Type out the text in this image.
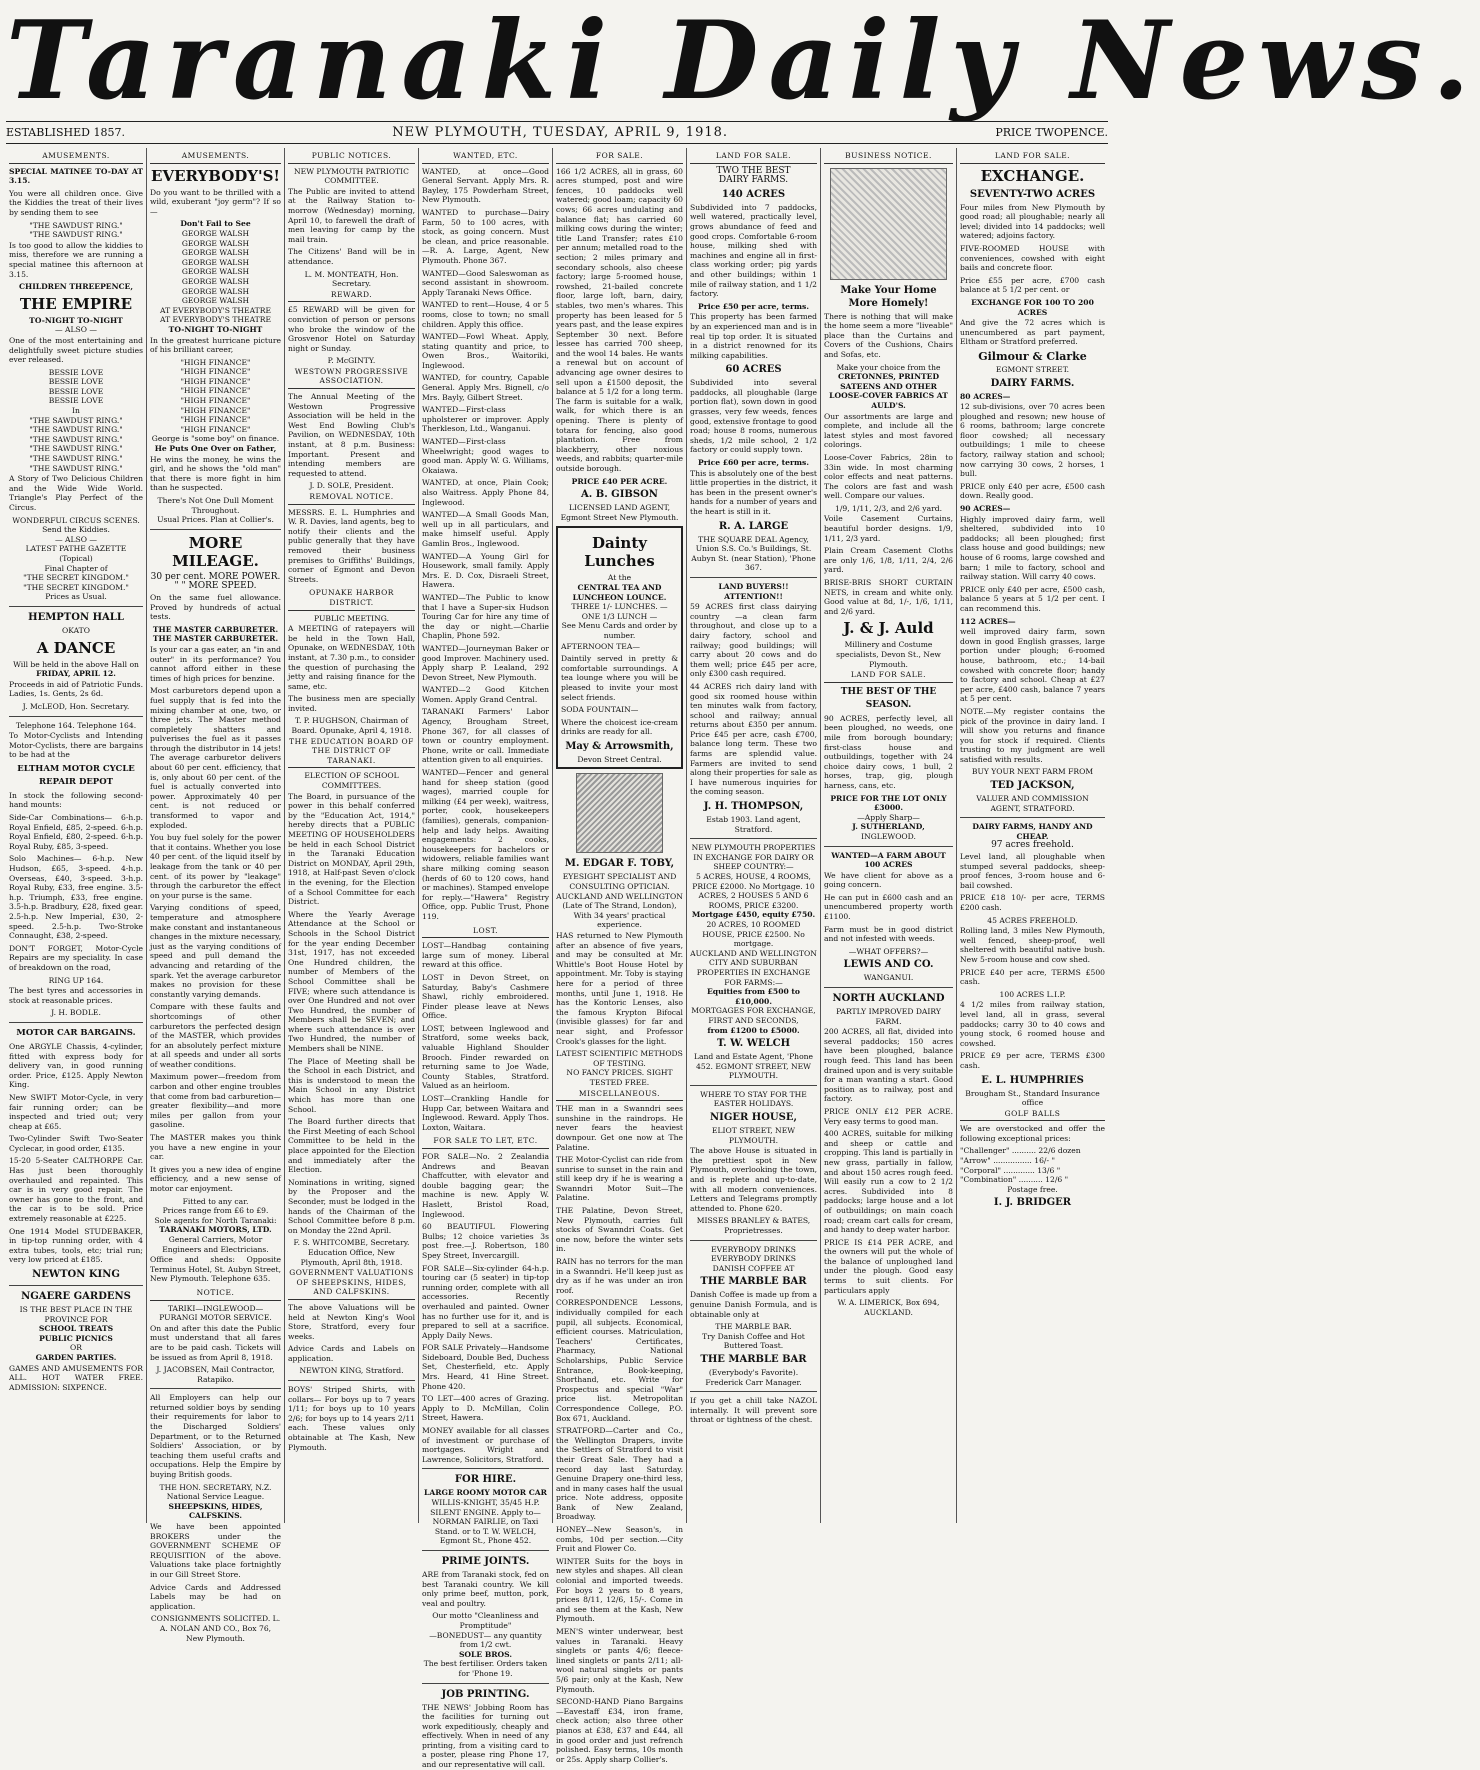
Taranaki Daily News.
ESTABLISHED 1857.	NEW PLYMOUTH, TUESDAY, APRIL 9, 1918.	PRICE TWOPENCE.
AMUSEMENTS.

SPECIAL MATINEE TO-DAY AT 3.15.

You were all children once. Give the Kiddies the treat of their lives by sending them to see

"THE SAWDUST RING."

"THE SAWDUST RING."

Is too good to allow the kiddies to miss, therefore we are running a special matinee this afternoon at 3.15.

CHILDREN THREEPENCE,

THE EMPIRE

TO-NIGHT TO-NIGHT

— ALSO —

One of the most entertaining and delightfully sweet picture studies ever released.

BESSIE LOVE

BESSIE LOVE

BESSIE LOVE

BESSIE LOVE

In

"THE SAWDUST RING."

"THE SAWDUST RING."

"THE SAWDUST RING."

"THE SAWDUST RING."

"THE SAWDUST RING."

"THE SAWDUST RING."

A Story of Two Delicious Children and the Wide Wide World. Triangle's Play Perfect of the Circus.

WONDERFUL CIRCUS SCENES. Send the Kiddies.

— ALSO —

LATEST PATHE GAZETTE

(Topical)

Final Chapter of

"THE SECRET KINGDOM."

"THE SECRET KINGDOM."

Prices as Usual.

HEMPTON HALL

OKATO

A DANCE

Will be held in the above Hall on

FRIDAY, APRIL 12.

Proceeds in aid of Patriotic Funds. Ladies, 1s. Gents, 2s 6d.

J. McLEOD, Hon. Secretary.

Telephone 164. Telephone 164.

To Motor-Cyclists and Intending Motor-Cyclists, there are bargains to be had at the

ELTHAM MOTOR CYCLE REPAIR DEPOT

In stock the following second-hand mounts:

Side-Car Combinations— 6-h.p. Royal Enfield, £85, 2-speed. 6-h.p. Royal Enfield, £80, 2-speed. 6-h.p. Royal Ruby, £85, 3-speed.

Solo Machines— 6-h.p. New Hudson, £65, 3-speed. 4-h.p. Overseas, £40, 3-speed. 3-h.p. Royal Ruby, £33, free engine. 3.5-h.p. Triumph, £33, free engine. 3.5-h.p. Bradbury, £28, fixed gear. 2.5-h.p. New Imperial, £30, 2-speed. 2.5-h.p. Two-Stroke Connaught, £38, 2-speed.

DON'T FORGET, Motor-Cycle Repairs are my speciality. In case of breakdown on the road,

RING UP 164.

The best tyres and accessories in stock at reasonable prices.

J. H. BODLE.

MOTOR CAR BARGAINS.

One ARGYLE Chassis, 4-cylinder, fitted with express body for delivery van, in good running order. Price, £125. Apply Newton King.

New SWIFT Motor-Cycle, in very fair running order; can be inspected and tried out; very cheap at £65.

Two-Cylinder Swift Two-Seater Cyclecar, in good order, £135.

15-20 5-Seater CALTHORPE Car. Has just been thoroughly overhauled and repainted. This car is in very good repair. The owner has gone to the front, and the car is to be sold. Price extremely reasonable at £225.

One 1914 Model STUDEBAKER, in tip-top running order, with 4 extra tubes, tools, etc; trial run; very low priced at £185.

NEWTON KING
NGAERE GARDENS

IS THE BEST PLACE IN THE PROVINCE FOR

SCHOOL TREATS

PUBLIC PICNICS

OR

GARDEN PARTIES.

GAMES AND AMUSEMENTS FOR ALL. HOT WATER FREE. ADMISSION: SIXPENCE.

AMUSEMENTS.
EVERYBODY'S!

Do you want to be thrilled with a wild, exuberant "joy germ"? If so—

Don't Fail to See

GEORGE WALSH

GEORGE WALSH

GEORGE WALSH

GEORGE WALSH

GEORGE WALSH

GEORGE WALSH

GEORGE WALSH

GEORGE WALSH

AT EVERYBODY'S THEATRE

AT EVERYBODY'S THEATRE

TO-NIGHT TO-NIGHT

In the greatest hurricane picture of his brilliant career,

"HIGH FINANCE"

"HIGH FINANCE"

"HIGH FINANCE"

"HIGH FINANCE"

"HIGH FINANCE"

"HIGH FINANCE"

"HIGH FINANCE"

"HIGH FINANCE"

George is "some boy" on finance.

He Puts One Over on Father,

He wins the money, he wins the girl, and he shows the "old man" that there is more fight in him than he suspected.

There's Not One Dull Moment Throughout.

Usual Prices. Plan at Collier's.

MORE MILEAGE.

30 per cent. MORE POWER.

" " MORE SPEED.

On the same fuel allowance. Proved by hundreds of actual tests.

THE MASTER CARBURETER.

THE MASTER CARBURETER.

Is your car a gas eater, an "in and outer" in its performance? You cannot afford either in these times of high prices for benzine.

Most carburetors depend upon a fuel supply that is fed into the mixing chamber at one, two, or three jets. The Master method completely shatters and pulverises the fuel as it passes through the distributor in 14 jets! The average carburetor delivers about 60 per cent. efficiency, that is, only about 60 per cent. of the fuel is actually converted into power. Approximately 40 per cent. is not reduced or transformed to vapor and exploded.

You buy fuel solely for the power that it contains. Whether you lose 40 per cent. of the liquid itself by leakage from the tank or 40 per cent. of its power by "leakage" through the carburetor the effect on your purse is the same.

Varying conditions of speed, temperature and atmosphere make constant and instantaneous changes in the mixture necessary, just as the varying conditions of speed and pull demand the advancing and retarding of the spark. Yet the average carburetor makes no provision for these constantly varying demands.

Compare with these faults and shortcomings of other carburetors the perfected design of the MASTER, which provides for an absolutely perfect mixture at all speeds and under all sorts of weather conditions.

Maximum power—freedom from carbon and other engine troubles that come from bad carburetion—greater flexibility—and more miles per gallon from your gasoline.

The MASTER makes you think you have a new engine in your car.

It gives you a new idea of engine efficiency, and a new sense of motor car enjoyment.

Fitted to any car.

Prices range from £6 to £9.

Sole agents for North Taranaki:

TARANAKI MOTORS, LTD.

General Carriers, Motor Engineers and Electricians.

Office and sheds: Opposite Terminus Hotel, St. Aubyn Street, New Plymouth. Telephone 635.

NOTICE.

TARIKI—INGLEWOOD—PURANGI MOTOR SERVICE.

On and after this date the Public must understand that all fares are to be paid cash. Tickets will be issued as from April 8, 1918.

J. JACOBSEN, Mail Contractor, Ratapiko.

All Employers can help our returned soldier boys by sending their requirements for labor to the Discharged Soldiers' Department, or to the Returned Soldiers' Association, or by teaching them useful crafts and occupations. Help the Empire by buying British goods.

THE HON. SECRETARY, N.Z. National Service League.

SHEEPSKINS, HIDES, CALFSKINS.

We have been appointed BROKERS under the GOVERNMENT SCHEME OF REQUISITION of the above. Valuations take place fortnightly in our Gill Street Store.

Advice Cards and Addressed Labels may be had on application.

CONSIGNMENTS SOLICITED. L. A. NOLAN AND CO., Box 76, New Plymouth.

PUBLIC NOTICES.

NEW PLYMOUTH PATRIOTIC COMMITTEE.

The Public are invited to attend at the Railway Station to-morrow (Wednesday) morning, April 10, to farewell the draft of men leaving for camp by the mail train.

The Citizens' Band will be in attendance.

L. M. MONTEATH, Hon. Secretary.

REWARD.

£5 REWARD will be given for conviction of person or persons who broke the window of the Grosvenor Hotel on Saturday night or Sunday.

P. McGINTY.

WESTOWN PROGRESSIVE ASSOCIATION.

The Annual Meeting of the Westown Progressive Association will be held in the West End Bowling Club's Pavilion, on WEDNESDAY, 10th instant, at 8 p.m. Business: Important. Present and intending members are requested to attend.

J. D. SOLE, President.

REMOVAL NOTICE.

MESSRS. E. L. Humphries and W. R. Davies, land agents, beg to notify their clients and the public generally that they have removed their business premises to Griffiths' Buildings, corner of Egmont and Devon Streets.

OPUNAKE HARBOR DISTRICT.

PUBLIC MEETING.

A MEETING of ratepayers will be held in the Town Hall, Opunake, on WEDNESDAY, 10th instant, at 7.30 p.m., to consider the question of purchasing the jetty and raising finance for the same, etc.

The business men are specially invited.

T. P. HUGHSON, Chairman of Board. Opunake, April 4, 1918.

THE EDUCATION BOARD OF THE DISTRICT OF TARANAKI.

ELECTION OF SCHOOL COMMITTEES.

The Board, in pursuance of the power in this behalf conferred by the "Education Act, 1914," hereby directs that a PUBLIC MEETING OF HOUSEHOLDERS be held in each School District in the Taranaki Education District on MONDAY, April 29th, 1918, at Half-past Seven o'clock in the evening, for the Election of a School Committee for each District.

Where the Yearly Average Attendance at the School or Schools in the School District for the year ending December 31st, 1917, has not exceeded One Hundred children, the number of Members of the School Committee shall be FIVE; where such attendance is over One Hundred and not over Two Hundred, the number of Members shall be SEVEN; and where such attendance is over Two Hundred, the number of Members shall be NINE.

The Place of Meeting shall be the School in each District, and this is understood to mean the Main School in any District which has more than one School.

The Board further directs that the First Meeting of each School Committee to be held in the place appointed for the Election and immediately after the Election.

Nominations in writing, signed by the Proposer and the Seconder, must be lodged in the hands of the Chairman of the School Committee before 8 p.m. on Monday the 22nd April.

F. S. WHITCOMBE, Secretary. Education Office, New Plymouth, April 8th, 1918.

GOVERNMENT VALUATIONS OF SHEEPSKINS, HIDES, AND CALFSKINS.

The above Valuations will be held at Newton King's Wool Store, Stratford, every four weeks.

Advice Cards and Labels on application.

NEWTON KING, Stratford.

BOYS' Striped Shirts, with collars— For boys up to 7 years 1/11; for boys up to 10 years 2/6; for boys up to 14 years 2/11 each. These values only obtainable at The Kash, New Plymouth.

WANTED, ETC.

WANTED, at once—Good General Servant. Apply Mrs. R. Bayley, 175 Powderham Street, New Plymouth.

WANTED to purchase—Dairy Farm, 50 to 100 acres, with stock, as going concern. Must be clean, and price reasonable.—R. A. Large, Agent, New Plymouth. Phone 367.

WANTED—Good Saleswoman as second assistant in showroom. Apply Taranaki News Office.

WANTED to rent—House, 4 or 5 rooms, close to town; no small children. Apply this office.

WANTED—Fowl Wheat. Apply, stating quantity and price, to Owen Bros., Waitoriki, Inglewood.

WANTED, for country, Capable General. Apply Mrs. Bignell, c/o Mrs. Bayly, Gilbert Street.

WANTED—First-class upholsterer or improver. Apply Therkleson, Ltd., Wanganui.

WANTED—First-class Wheelwright; good wages to good man. Apply W. G. Williams, Okaiawa.

WANTED, at once, Plain Cook; also Waitress. Apply Phone 84, Inglewood.

WANTED—A Small Goods Man, well up in all particulars, and make himself useful. Apply Gamlin Bros., Inglewood.

WANTED—A Young Girl for Housework, small family. Apply Mrs. E. D. Cox, Disraeli Street, Hawera.

WANTED—The Public to know that I have a Super-six Hudson Touring Car for hire any time of the day or night.—Charlie Chaplin, Phone 592.

WANTED—Journeyman Baker or good Improver. Machinery used. Apply sharp P. Lealand, 292 Devon Street, New Plymouth.

WANTED—2 Good Kitchen Women. Apply Grand Central.

TARANAKI Farmers' Labor Agency, Brougham Street, Phone 367, for all classes of town or country employment. Phone, write or call. Immediate attention given to all enquiries.

WANTED—Fencer and general hand for sheep station (good wages), married couple for milking (£4 per week), waitress, porter, cook, housekeepers (families), generals, companion-help and lady helps. Awaiting engagements: 2 cooks, housekeepers for bachelors or widowers, reliable families want share milking coming season (herds of 60 to 120 cows, hand or machines). Stamped envelope for reply.—"Hawera" Registry Office, opp. Public Trust, Phone 119.

LOST.

LOST—Handbag containing large sum of money. Liberal reward at this office.

LOST in Devon Street, on Saturday, Baby's Cashmere Shawl, richly embroidered. Finder please leave at News Office.

LOST, between Inglewood and Stratford, some weeks back, valuable Highland Shoulder Brooch. Finder rewarded on returning same to Joe Wade, County Stables, Stratford. Valued as an heirloom.

LOST—Crankling Handle for Hupp Car, between Waitara and Inglewood. Reward. Apply Thos. Loxton, Waitara.

FOR SALE TO LET, ETC.

FOR SALE—No. 2 Zealandia Andrews and Beavan Chaffcutter, with elevator and double bagging gear; the machine is new. Apply W. Haslett, Bristol Road, Inglewood.

60 BEAUTIFUL Flowering Bulbs; 12 choice varieties 3s post free.—J. Robertson, 180 Spey Street, Invercargill.

FOR SALE—Six-cylinder 64-h.p. touring car (5 seater) in tip-top running order, complete with all accessories. Recently overhauled and painted. Owner has no further use for it, and is prepared to sell at a sacrifice. Apply Daily News.

FOR SALE Privately—Handsome Sideboard, Double Bed, Duchess Set, Chesterfield, etc. Apply Mrs. Heard, 41 Hine Street. Phone 420.

TO LET—400 acres of Grazing. Apply to D. McMillan, Colin Street, Hawera.

MONEY available for all classes of investment or purchase of mortgages. Wright and Lawrence, Solicitors, Stratford.

FOR HIRE.

LARGE ROOMY MOTOR CAR

WILLIS-KNIGHT, 35/45 H.P. SILENT ENGINE. Apply to—

NORMAN FAIRLIE, on Taxi Stand. or to T. W. WELCH, Egmont St., Phone 452.

PRIME JOINTS.

ARE from Taranaki stock, fed on best Taranaki country. We kill only prime beef, mutton, pork, veal and poultry.

Our motto "Cleanliness and Promptitude"

—BONEDUST— any quantity from 1/2 cwt.

SOLE BROS.

The best fertiliser. Orders taken for 'Phone 19.

JOB PRINTING.

THE NEWS' Jobbing Room has the facilities for turning out work expeditiously, cheaply and effectively. When in need of any printing, from a visiting card to a poster, please ring Phone 17, and our representative will call.

FOR SALE.

166 1/2 ACRES, all in grass, 60 acres stumped, post and wire fences, 10 paddocks well watered; good loam; capacity 60 cows; 66 acres undulating and balance flat; has carried 60 milking cows during the winter; title Land Transfer; rates £10 per annum; metalled road to the section; 2 miles primary and secondary schools, also cheese factory; large 5-roomed house, rowshed, 21-bailed concrete floor, large loft, barn, dairy, stables, two men's whares. This property has been leased for 5 years past, and the lease expires September 30 next. Before lessee has carried 700 sheep, and the wool 14 bales. He wants a renewal but on account of advancing age owner desires to sell upon a £1500 deposit, the balance at 5 1/2 for a long term. The farm is suitable for a walk, walk, for which there is an opening. There is plenty of totara for fencing, also good plantation. Free from blackberry, other noxious weeds, and rabbits; quarter-mile outside borough.

PRICE £40 PER ACRE.

A. B. GIBSON

LICENSED LAND AGENT,

Egmont Street New Plymouth.

Dainty Lunches

At the

CENTRAL TEA AND LUNCHEON LOUNCE.

THREE 1/- LUNCHES. — ONE 1/3 LUNCH —

See Menu Cards and order by number.

AFTERNOON TEA—

Daintily served in pretty & comfortable surroundings. A tea lounge where you will be pleased to invite your most select friends.

SODA FOUNTAIN—

Where the choicest ice-cream drinks are ready for all.

May & Arrowsmith,

Devon Street Central.

M. EDGAR F. TOBY,

EYESIGHT SPECIALIST AND CONSULTING OPTICIAN.

AUCKLAND AND WELLINGTON (Late of The Strand, London),

With 34 years' practical experience.

HAS returned to New Plymouth after an absence of five years, and may be consulted at Mr. Whittle's Boot House Hotel by appointment. Mr. Toby is staying here for a period of three months, until June 1, 1918. He has the Kontoric Lenses, also the famous Krypton Bifocal (invisible glasses) for far and near sight, and Professor Crook's glasses for the light.

LATEST SCIENTIFIC METHODS OF TESTING.

NO FANCY PRICES. SIGHT TESTED FREE.

MISCELLANEOUS.

THE man in a Swanndri sees sunshine in the raindrops. He never fears the heaviest downpour. Get one now at The Palatine.

THE Motor-Cyclist can ride from sunrise to sunset in the rain and still keep dry if he is wearing a Swanndri Motor Suit—The Palatine.

THE Palatine, Devon Street, New Plymouth, carries full stocks of Swanndri Coats. Get one now, before the winter sets in.

RAIN has no terrors for the man in a Swanndri. He'll keep just as dry as if he was under an iron roof.

CORRESPONDENCE Lessons, individually compiled for each pupil, all subjects. Economical, efficient courses. Matriculation, Teachers' Certificates, Pharmacy, National Scholarships, Public Service Entrance, Book-keeping, Shorthand, etc. Write for Prospectus and special "War" price list. Metropolitan Correspondence College, P.O. Box 671, Auckland.

STRATFORD—Carter and Co., the Wellington Drapers, invite the Settlers of Stratford to visit their Great Sale. They had a record day last Saturday. Genuine Drapery one-third less, and in many cases half the usual price. Note address, opposite Bank of New Zealand, Broadway.

HONEY—New Season's, in combs, 10d per section.—City Fruit and Flower Co.

WINTER Suits for the boys in new styles and shapes. All clean colonial and imported tweeds. For boys 2 years to 8 years, prices 8/11, 12/6, 15/-. Come in and see them at the Kash, New Plymouth.

MEN'S winter underwear, best values in Taranaki. Heavy singlets or pants 4/6; fleece-lined singlets or pants 2/11; all-wool natural singlets or pants 5/6 pair; only at the Kash, New Plymouth.

SECOND-HAND Piano Bargains—Eavestaff £34, iron frame, check action; also three other pianos at £38, £37 and £44, all in good order and just refrench polished. Easy terms, 10s month or 25s. Apply sharp Collier's.

LAND FOR SALE.

TWO THE BEST

DAIRY FARMS.

140 ACRES

Subdivided into 7 paddocks, well watered, practically level, grows abundance of feed and good crops. Comfortable 6-room house, milking shed with machines and engine all in first-class working order; pig yards and other buildings; within 1 mile of railway station, and 1 1/2 factory.

Price £50 per acre, terms.

This property has been farmed by an experienced man and is in real tip top order. It is situated in a district renowned for its milking capabilities.

60 ACRES

Subdivided into several paddocks, all ploughable (large portion flat), sown down in good grasses, very few weeds, fences good, extensive frontage to good road; house 8 rooms, numerous sheds, 1/2 mile school, 2 1/2 factory or could supply town.

Price £60 per acre, terms.

This is absolutely one of the best little properties in the district, it has been in the present owner's hands for a number of years and the heart is still in it.

R. A. LARGE

THE SQUARE DEAL Agency, Union S.S. Co.'s Buildings, St. Aubyn St. (near Station), 'Phone 367.

LAND BUYERS!! ATTENTION!!

59 ACRES first class dairying country —a clean farm throughout, and close up to a dairy factory, school and railway; good buildings; will carry about 20 cows and do them well; price £45 per acre, only £300 cash required.

44 ACRES rich dairy land with good six roomed house within ten minutes walk from factory, school and railway; annual returns about £350 per annum. Price £45 per acre, cash £700, balance long term. These two farms are splendid value. Farmers are invited to send along their properties for sale as I have numerous inquiries for the coming season.

J. H. THOMPSON,

Estab 1903. Land agent, Stratford.

NEW PLYMOUTH PROPERTIES IN EXCHANGE FOR DAIRY OR SHEEP COUNTRY:—

5 ACRES, HOUSE, 4 ROOMS, PRICE £2000. No Mortgage. 10 ACRES, 2 HOUSES 5 AND 6 ROOMS, PRICE £3200.

Mortgage £450, equity £750.

20 ACRES, 10 ROOMED HOUSE, PRICE £2500. No mortgage.

AUCKLAND AND WELLINGTON CITY AND SUBURBAN PROPERTIES IN EXCHANGE FOR FARMS:—

Equities from £500 to £10,000.

MORTGAGES FOR EXCHANGE, FIRST AND SECONDS,

from £1200 to £5000.

T. W. WELCH

Land and Estate Agent, 'Phone 452. EGMONT STREET, NEW PLYMOUTH.

WHERE TO STAY FOR THE EASTER HOLIDAYS.

NIGER HOUSE,

ELIOT STREET, NEW PLYMOUTH.

The above House is situated in the prettiest spot in New Plymouth, overlooking the town, and is replete and up-to-date, with all modern conveniences. Letters and Telegrams promptly attended to. Phone 620.

MISSES BRANLEY & BATES, Proprietresses.

EVERYBODY DRINKS EVERYBODY DRINKS

DANISH COFFEE AT

THE MARBLE BAR

Danish Coffee is made up from a genuine Danish Formula, and is obtainable only at

THE MARBLE BAR.

Try Danish Coffee and Hot Buttered Toast.

THE MARBLE BAR

(Everybody's Favorite).

Frederick Carr Manager.

If you get a chill take NAZOL internally. It will prevent sore throat or tightness of the chest.

BUSINESS NOTICE.
Make Your Home More Homely!

There is nothing that will make the home seem a more "liveable" place than the Curtains and Covers of the Cushions, Chairs and Sofas, etc.

Make your choice from the

CRETONNES, PRINTED SATEENS AND OTHER LOOSE-COVER FABRICS AT AULD'S.

Our assortments are large and complete, and include all the latest styles and most favored colorings.

Loose-Cover Fabrics, 28in to 33in wide. In most charming color effects and neat patterns. The colors are fast and wash well. Compare our values.

1/9, 1/11, 2/3, and 2/6 yard.

Voile Casement Curtains, beautiful border designs. 1/9, 1/11, 2/3 yard.

Plain Cream Casement Cloths are only 1/6, 1/8, 1/11, 2/4, 2/6 yard.

BRISE-BRIS SHORT CURTAIN NETS, in cream and white only. Good value at 8d, 1/-, 1/6, 1/11, and 2/6 yard.

J. & J. Auld

Millinery and Costume specialists, Devon St., New Plymouth.

LAND FOR SALE.
THE BEST OF THE SEASON.

90 ACRES, perfectly level, all been ploughed, no weeds, one mile from borough boundary; first-class house and outbuildings, together with 24 choice dairy cows, 1 bull, 2 horses, trap, gig, plough harness, cans, etc.

PRICE FOR THE LOT ONLY £3000.

—Apply Sharp—

J. SUTHERLAND,

INGLEWOOD.

WANTED—A FARM ABOUT 100 ACRES

We have client for above as a going concern.

He can put in £600 cash and an unencumbered property worth £1100.

Farm must be in good district and not infested with weeds.

—WHAT OFFERS?—

LEWIS AND CO.

WANGANUI.

NORTH AUCKLAND

PARTLY IMPROVED DAIRY FARM.

200 ACRES, all flat, divided into several paddocks; 150 acres have been ploughed, balance rough feed. This land has been drained upon and is very suitable for a man wanting a start. Good position as to railway, post and factory.

PRICE ONLY £12 PER ACRE. Very easy terms to good man.

400 ACRES, suitable for milking and sheep or cattle and cropping. This land is partially in new grass, partially in fallow, and about 150 acres rough feed. Will easily run a cow to 2 1/2 acres. Subdivided into 8 paddocks; large house and a lot of outbuildings; on main coach road; cream cart calls for cream, and handy to deep water harbor.

PRICE IS £14 PER ACRE, and the owners will put the whole of the balance of unploughed land under the plough. Good easy terms to suit clients. For particulars apply

W. A. LIMERICK, Box 694, AUCKLAND.

LAND FOR SALE.
EXCHANGE.
SEVENTY-TWO ACRES

Four miles from New Plymouth by good road; all ploughable; nearly all level; divided into 14 paddocks; well watered; adjoins factory.

FIVE-ROOMED HOUSE with conveniences, cowshed with eight bails and concrete floor.

Price £55 per acre, £700 cash balance at 5 1/2 per cent. or

EXCHANGE FOR 100 TO 200 ACRES

And give the 72 acres which is unencumbered as part payment, Eltham or Stratford preferred.

Gilmour & Clarke

EGMONT STREET.

DAIRY FARMS.

80 ACRES—

12 sub-divisions, over 70 acres been ploughed and resown; new house of 6 rooms, bathroom; large concrete floor cowshed; all necessary outbuildings; 1 mile to cheese factory, railway station and school; now carrying 30 cows, 2 horses, 1 bull.

PRICE only £40 per acre, £500 cash down. Really good.

90 ACRES—

Highly improved dairy farm, well sheltered, subdivided into 10 paddocks; all been ploughed; first class house and good buildings; new house of 6 rooms, large cowshed and barn; 1 mile to factory, school and railway station. Will carry 40 cows.

PRICE only £40 per acre, £500 cash, balance 5 years at 5 1/2 per cent. I can recommend this.

112 ACRES—

well improved dairy farm, sown down in good English grasses, large portion under plough; 6-roomed house, bathroom, etc.; 14-bail cowshed with concrete floor; handy to factory and school. Cheap at £27 per acre, £400 cash, balance 7 years at 5 per cent.

NOTE.—My register contains the pick of the province in dairy land. I will show you returns and finance you for stock if required. Clients trusting to my judgment are well satisfied with results.

BUY YOUR NEXT FARM FROM

TED JACKSON,

VALUER AND COMMISSION AGENT, STRATFORD.

DAIRY FARMS, HANDY AND CHEAP.

97 acres freehold.

Level land, all ploughable when stumped several paddocks, sheep-proof fences, 3-room house and 6-bail cowshed.

PRICE £18 10/- per acre, TERMS £200 cash.

45 ACRES FREEHOLD.

Rolling land, 3 miles New Plymouth, well fenced, sheep-proof, well sheltered with beautiful native bush. New 5-room house and cow shed.

PRICE £40 per acre, TERMS £500 cash.

100 ACRES L.I.P.

4 1/2 miles from railway station, level land, all in grass, several paddocks; carry 30 to 40 cows and young stock, 6 roomed house and cowshed.

PRICE £9 per acre, TERMS £300 cash.

E. L. HUMPHRIES

Brougham St., Standard Insurance office

GOLF BALLS

We are overstocked and offer the following exceptional prices:

"Challenger" .......... 22/6 dozen

"Arrow" ................ 16/- "

"Corporal" ............. 13/6 "

"Combination" .......... 12/6 "

Postage free.

I. J. BRIDGER
